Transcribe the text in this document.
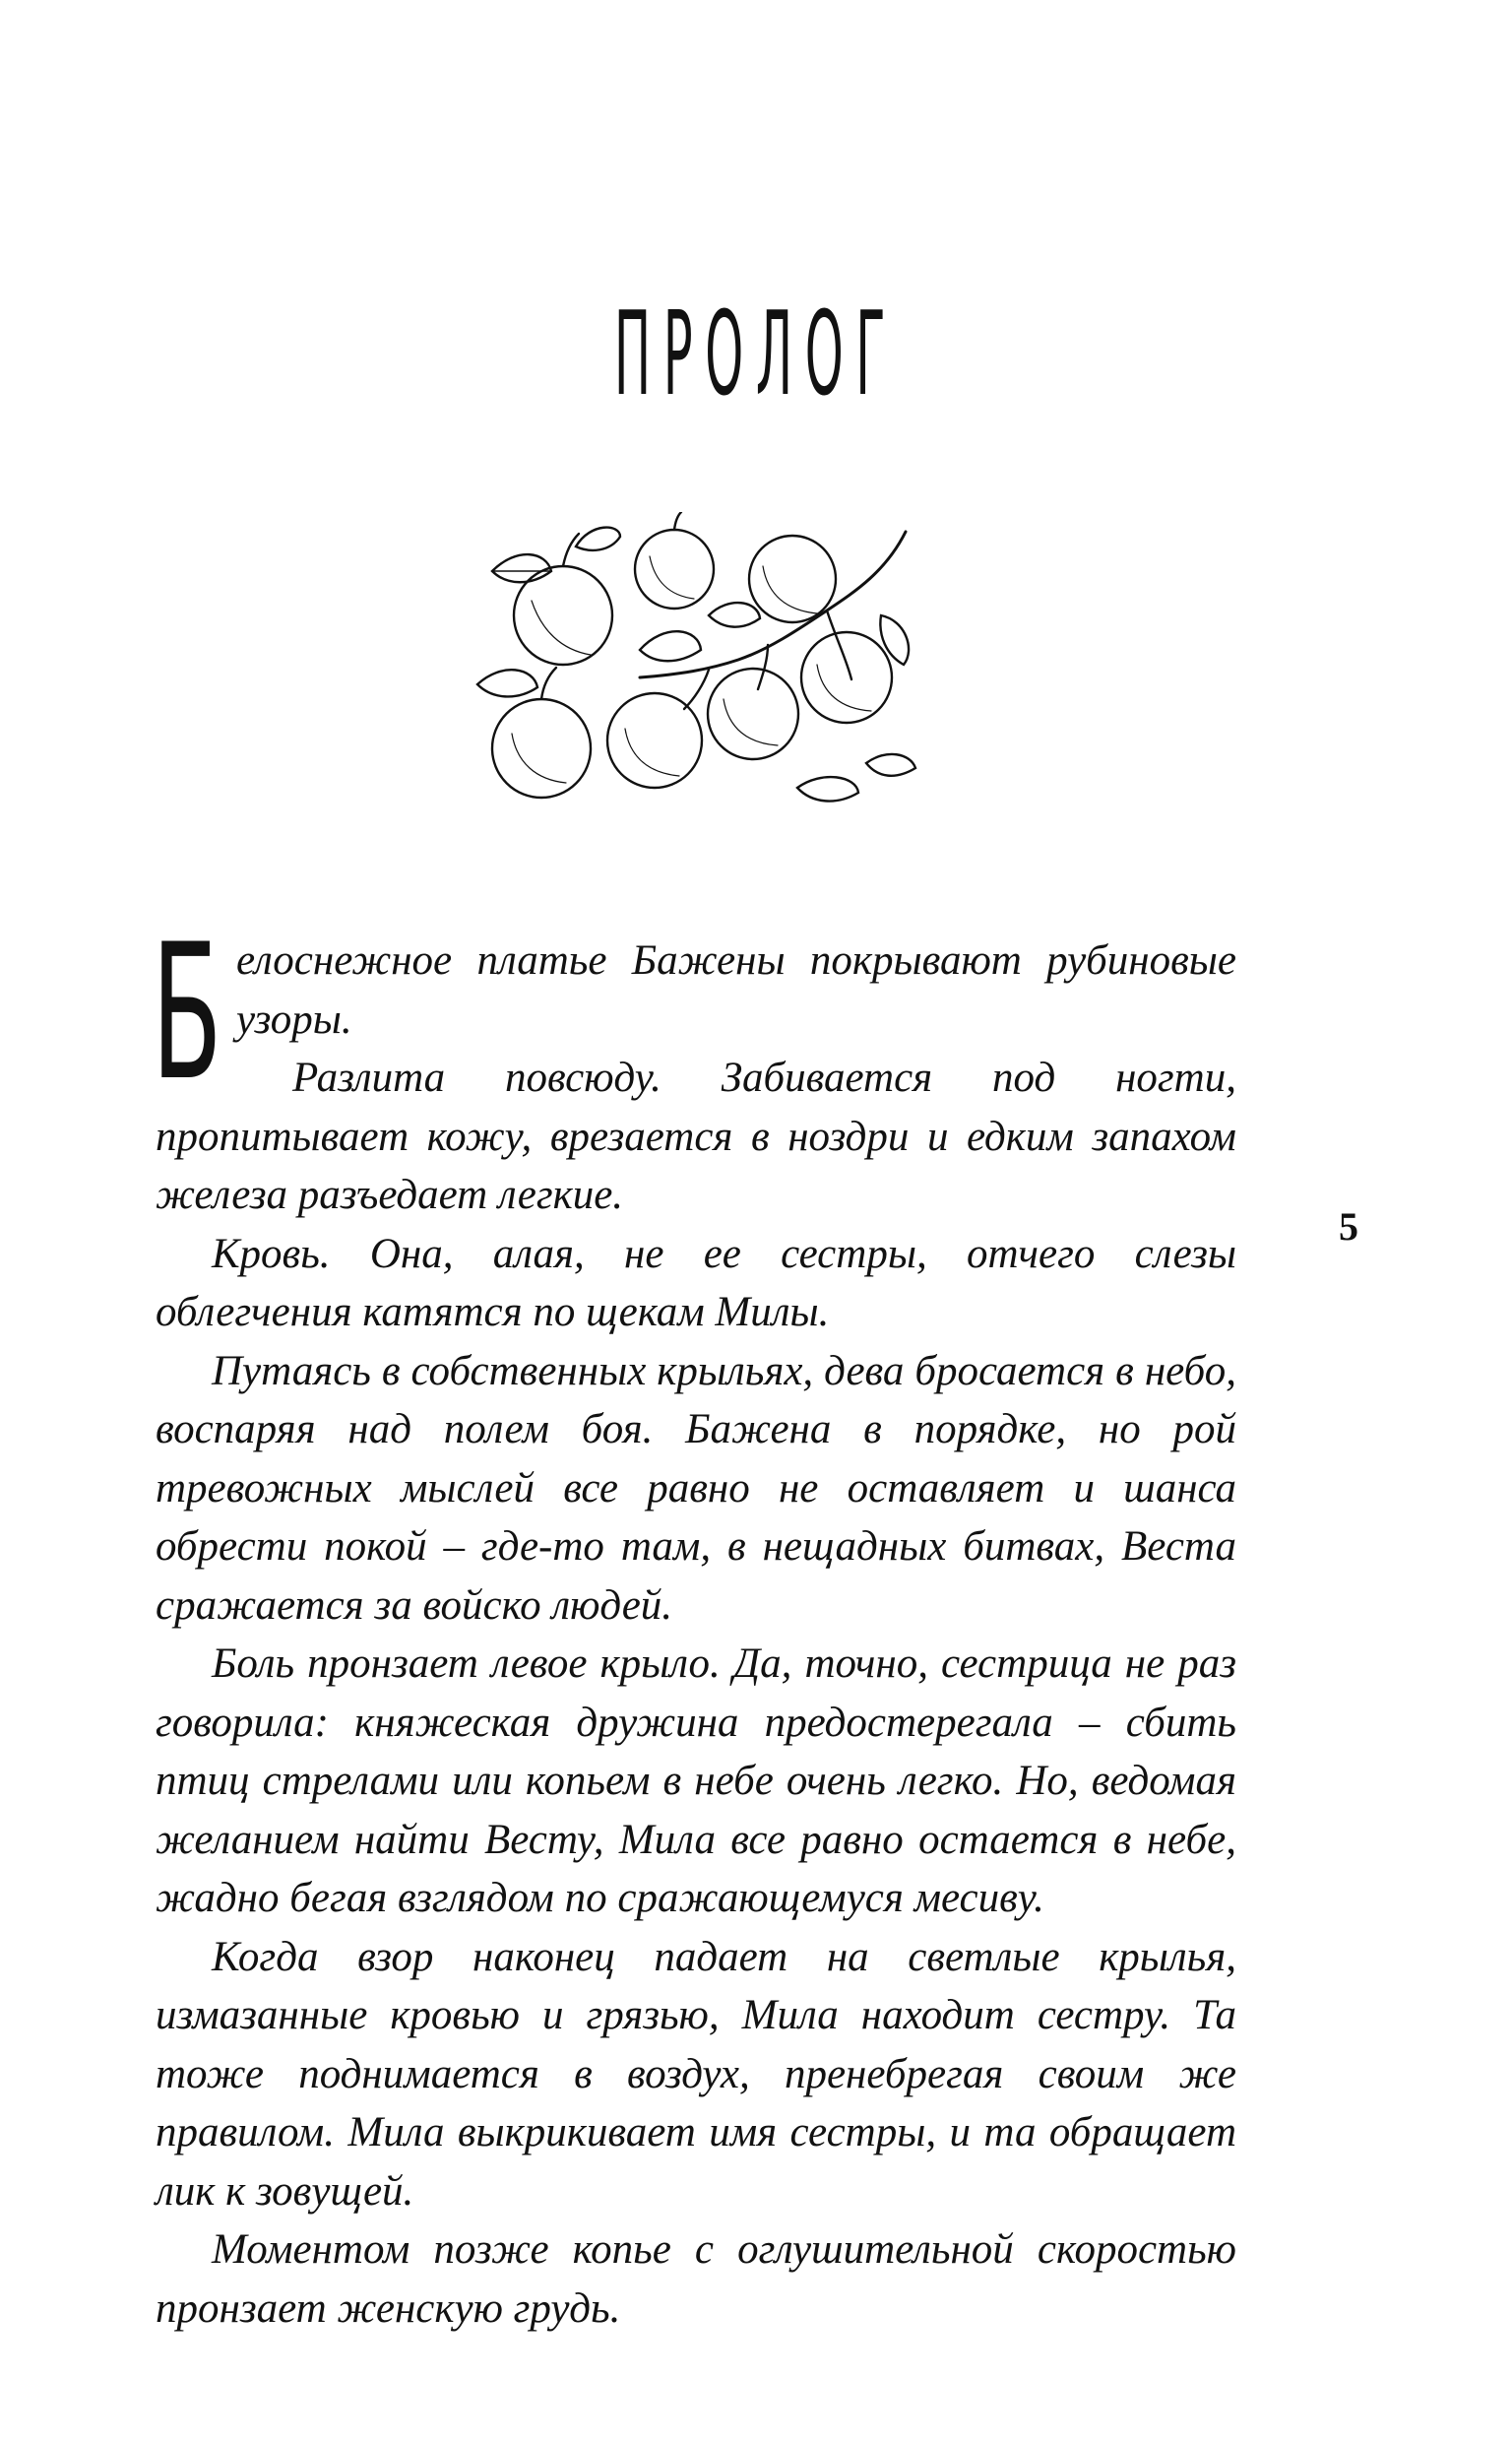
ПРОЛОГ

Белоснежное платье Бажены покрывают рубиновые узоры.

Разлита повсюду. Забивается под ногти, пропитывает кожу, врезается в ноздри и едким запахом железа разъедает легкие.

Кровь. Она, алая, не ее сестры, отчего слезы облегчения катятся по щекам Милы.

Путаясь в собственных крыльях, дева бросается в небо, воспаряя над полем боя. Бажена в порядке, но рой тревожных мыслей все равно не оставляет и шанса обрести покой – где-то там, в нещадных битвах, Веста сражается за войско людей.

Боль пронзает левое крыло. Да, точно, сестрица не раз говорила: княжеская дружина предостерегала – сбить птиц стрелами или копьем в небе очень легко. Но, ведомая желанием найти Весту, Мила все равно остается в небе, жадно бегая взглядом по сражающемуся месиву.

Когда взор наконец падает на светлые крылья, измазанные кровью и грязью, Мила находит сестру. Та тоже поднимается в воздух, пренебрегая своим же правилом. Мила выкрикивает имя сестры, и та обращает лик к зовущей.

Моментом позже копье с оглушительной скоростью пронзает женскую грудь.

5
